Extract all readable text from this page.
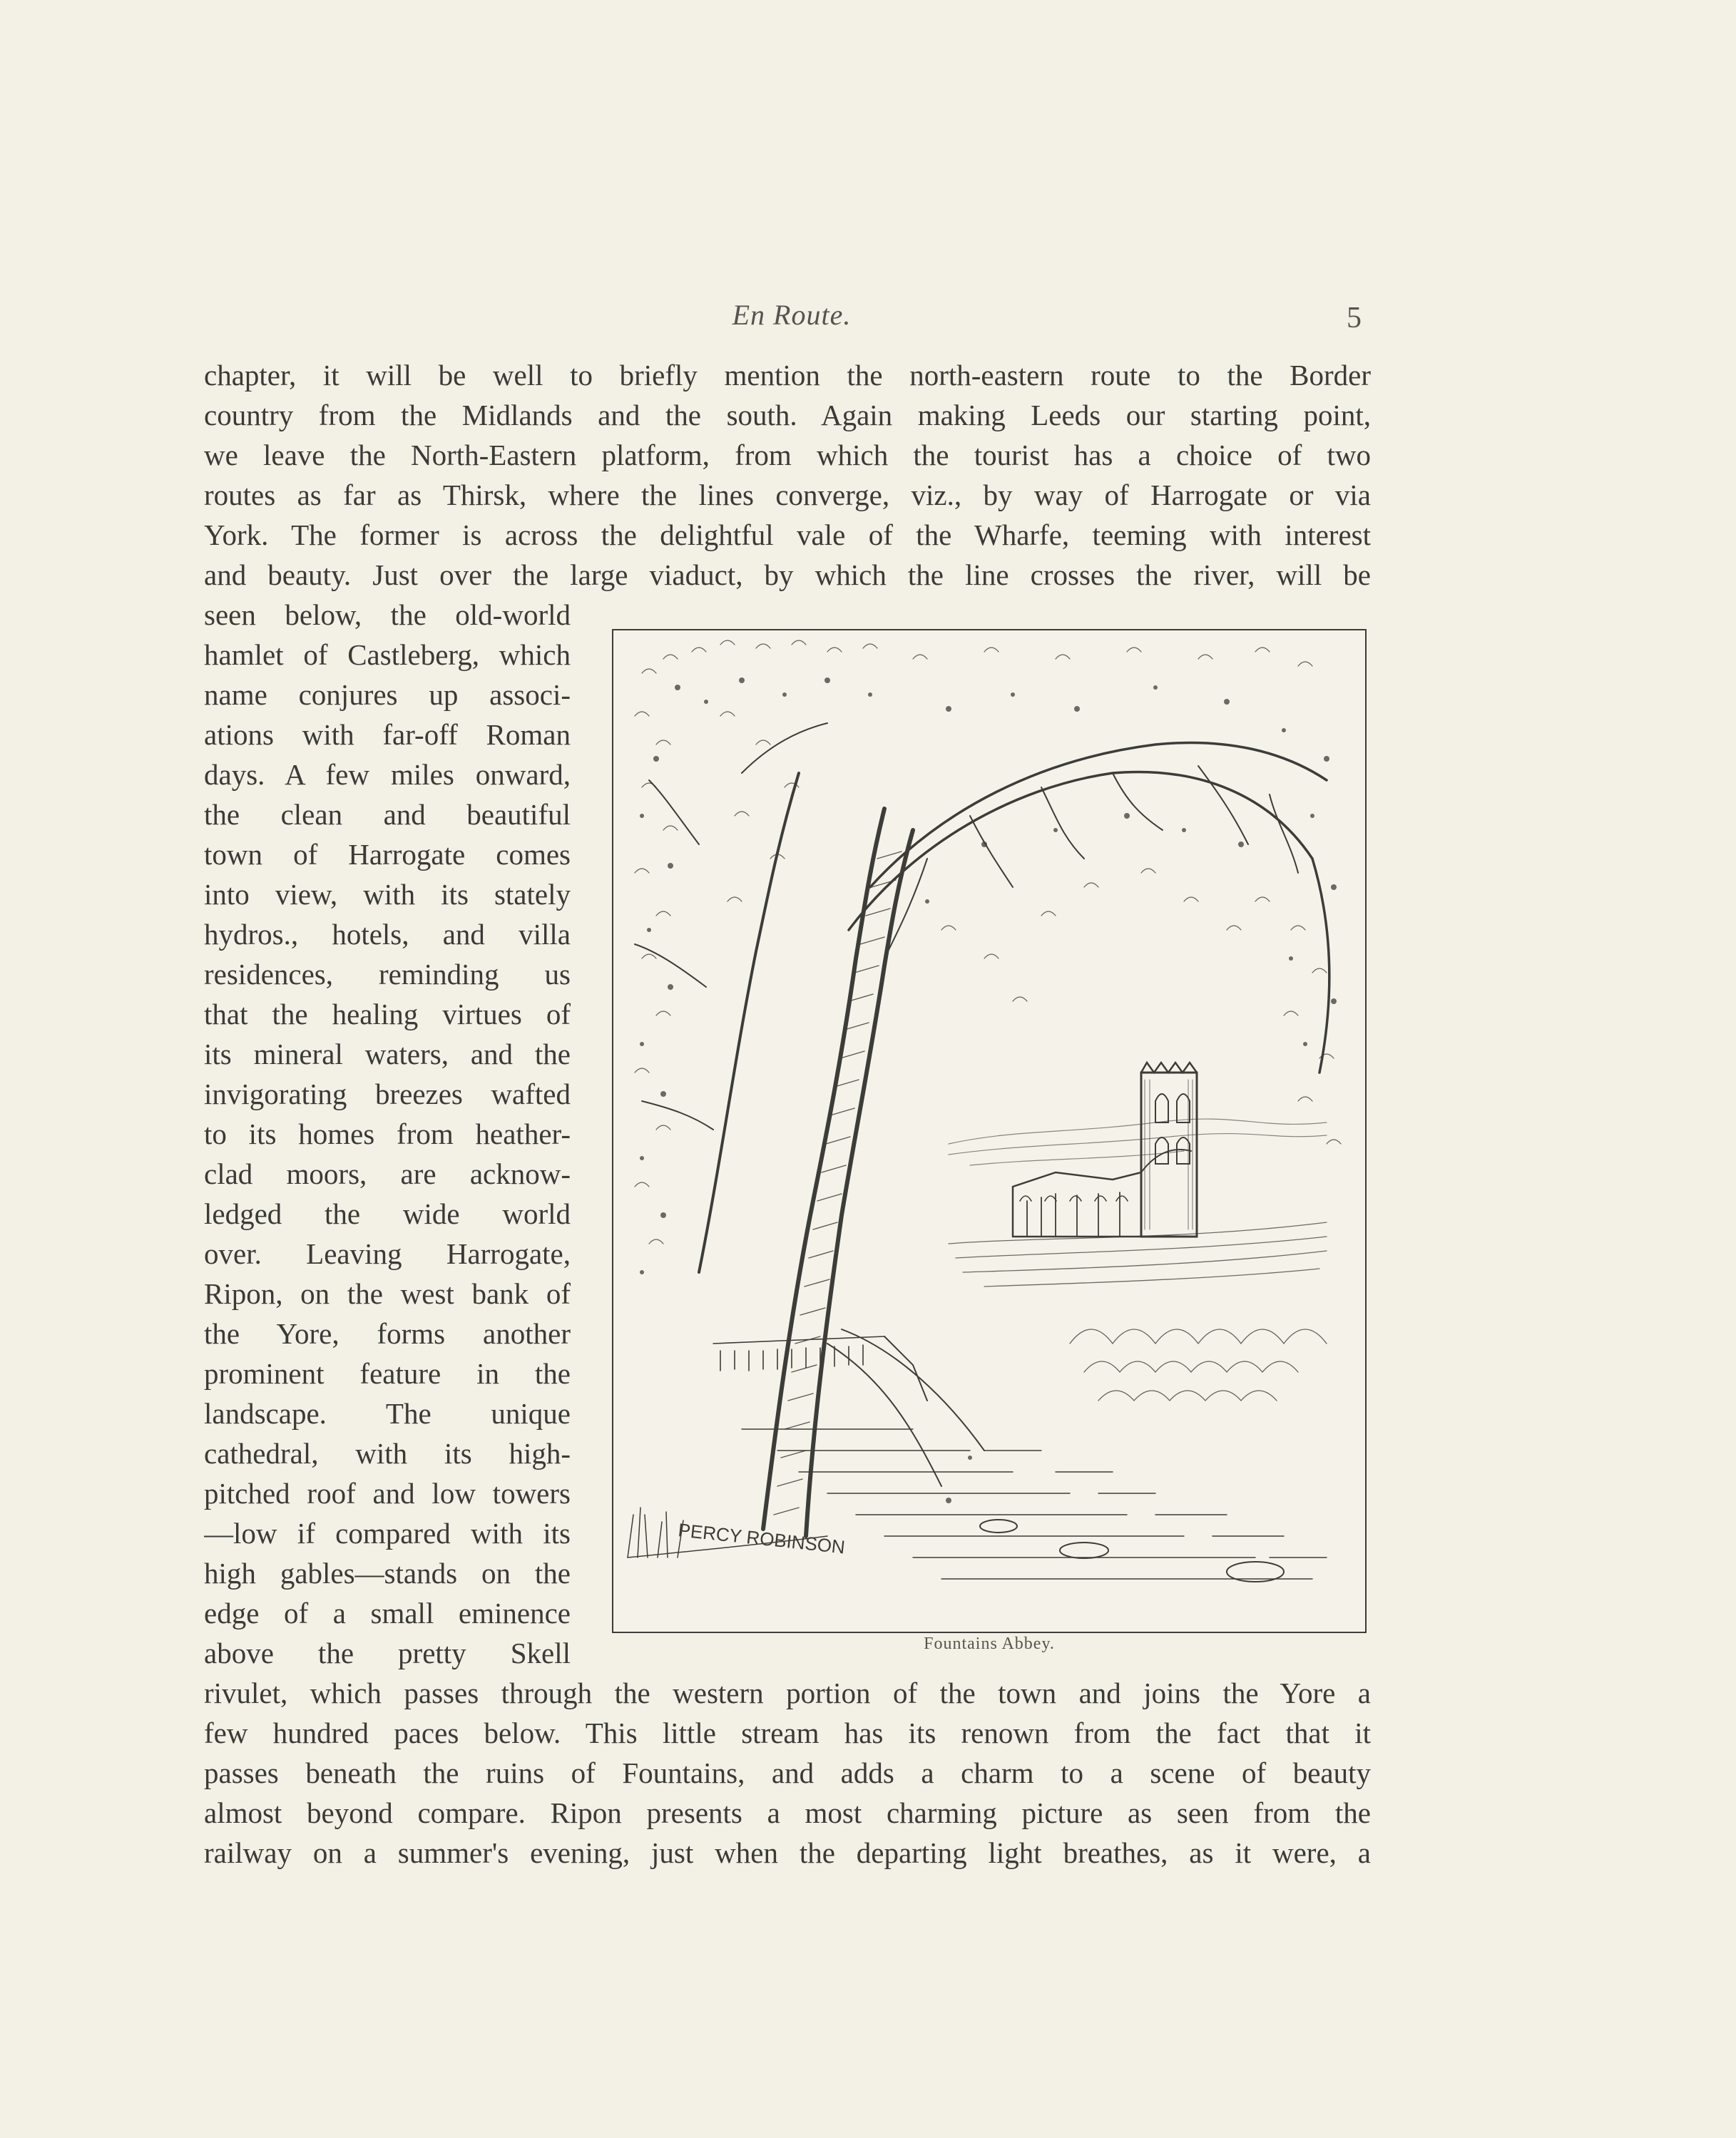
En Route.	5
chapter, it will be well to briefly mention the north-eastern route to the Border
country from the Midlands and the south. Again making Leeds our starting point,
we leave the North-Eastern platform, from which the tourist has a choice of two
routes as far as Thirsk, where the lines converge, viz., by way of Harrogate or via
York. The former is across the delightful vale of the Wharfe, teeming with interest
and beauty. Just over the large viaduct, by which the line crosses the river, will be
seen below, the old-world
hamlet of Castleberg, which
name conjures up associ-
ations with far-off Roman
days. A few miles onward,
the clean and beautiful
town of Harrogate comes
into view, with its stately
hydros., hotels, and villa
residences, reminding us
that the healing virtues of
its mineral waters, and the
invigorating breezes wafted
to its homes from heather-
clad moors, are acknow-
ledged the wide world
over. Leaving Harrogate,
Ripon, on the west bank of
the Yore, forms another
prominent feature in the
landscape. The unique
cathedral, with its high-
pitched roof and low towers
—low if compared with its
high gables—stands on the
edge of a small eminence
above the pretty Skell
rivulet, which passes through the western portion of the town and joins the Yore a
few hundred paces below. This little stream has its renown from the fact that it
passes beneath the ruins of Fountains, and adds a charm to a scene of beauty
almost beyond compare. Ripon presents a most charming picture as seen from the
railway on a summer's evening, just when the departing light breathes, as it were, a
PERCY ROBINSON
Fountains Abbey.
